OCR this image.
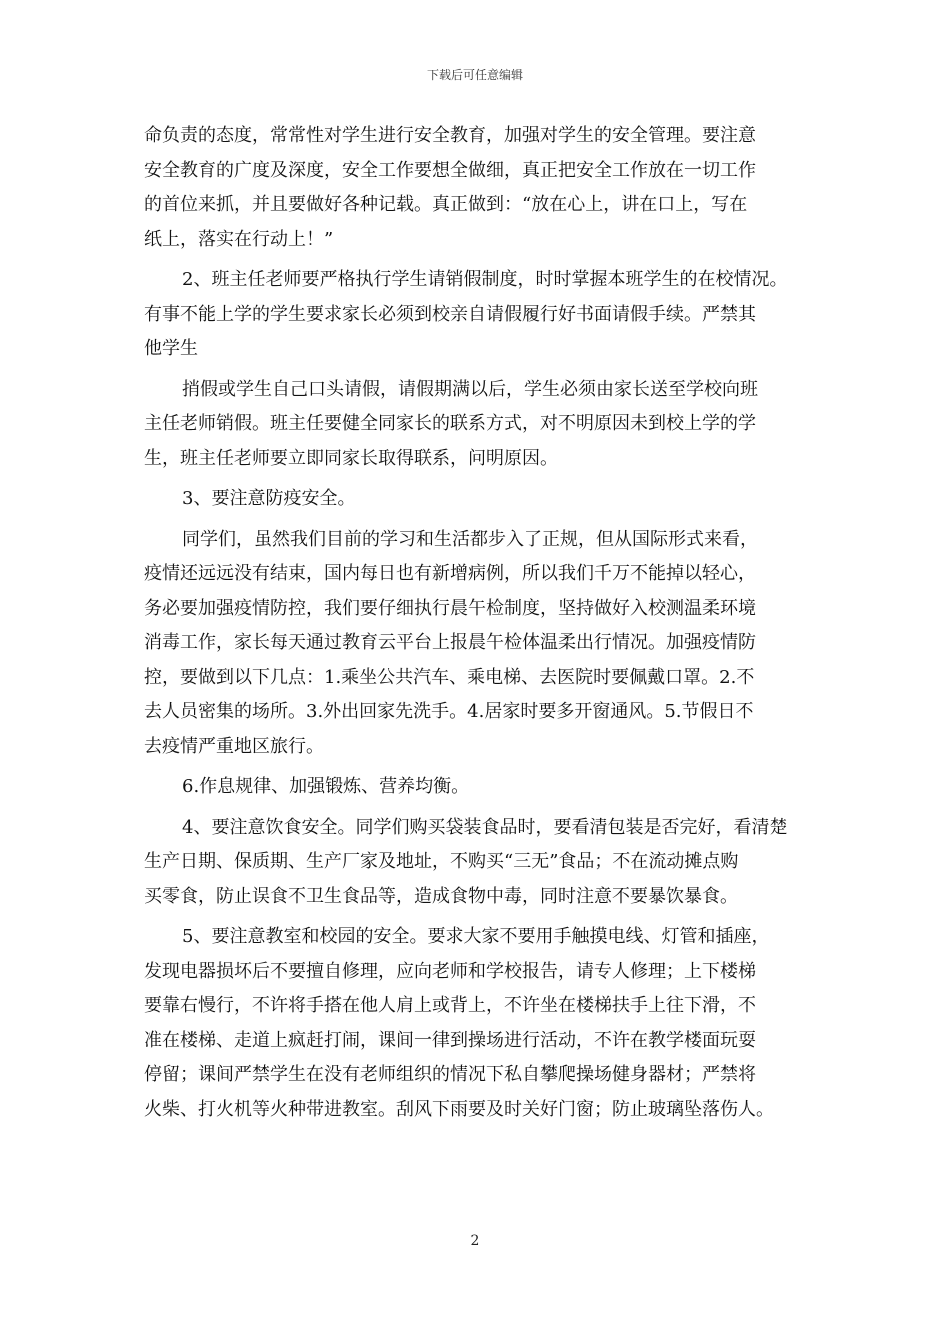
下载后可任意编辑
命负责的态度，常常性对学生进行安全教育，加强对学生的安全管理。要注意
安全教育的广度及深度，安全工作要想全做细，真正把安全工作放在一切工作
的首位来抓，并且要做好各种记载。真正做到：“放在心上，讲在口上，写在
纸上，落实在行动上！”
2、班主任老师要严格执行学生请销假制度，时时掌握本班学生的在校情况。
有事不能上学的学生要求家长必须到校亲自请假履行好书面请假手续。严禁其
他学生
捎假或学生自己口头请假，请假期满以后，学生必须由家长送至学校向班
主任老师销假。班主任要健全同家长的联系方式，对不明原因未到校上学的学
生，班主任老师要立即同家长取得联系，问明原因。
3、要注意防疫安全。
同学们，虽然我们目前的学习和生活都步入了正规，但从国际形式来看，
疫情还远远没有结束，国内每日也有新增病例，所以我们千万不能掉以轻心，
务必要加强疫情防控，我们要仔细执行晨午检制度，坚持做好入校测温柔环境
消毒工作，家长每天通过教育云平台上报晨午检体温柔出行情况。加强疫情防
控，要做到以下几点：1.乘坐公共汽车、乘电梯、去医院时要佩戴口罩。2.不
去人员密集的场所。3.外出回家先洗手。4.居家时要多开窗通风。5.节假日不
去疫情严重地区旅行。
6.作息规律、加强锻炼、营养均衡。
4、要注意饮食安全。同学们购买袋装食品时，要看清包装是否完好，看清楚
生产日期、保质期、生产厂家及地址，不购买“三无”食品；不在流动摊点购
买零食，防止误食不卫生食品等，造成食物中毒，同时注意不要暴饮暴食。
5、要注意教室和校园的安全。要求大家不要用手触摸电线、灯管和插座，
发现电器损坏后不要擅自修理，应向老师和学校报告，请专人修理；上下楼梯
要靠右慢行，不许将手搭在他人肩上或背上，不许坐在楼梯扶手上往下滑，不
准在楼梯、走道上疯赶打闹，课间一律到操场进行活动，不许在教学楼面玩耍
停留；课间严禁学生在没有老师组织的情况下私自攀爬操场健身器材；严禁将
火柴、打火机等火种带进教室。刮风下雨要及时关好门窗；防止玻璃坠落伤人。
2
